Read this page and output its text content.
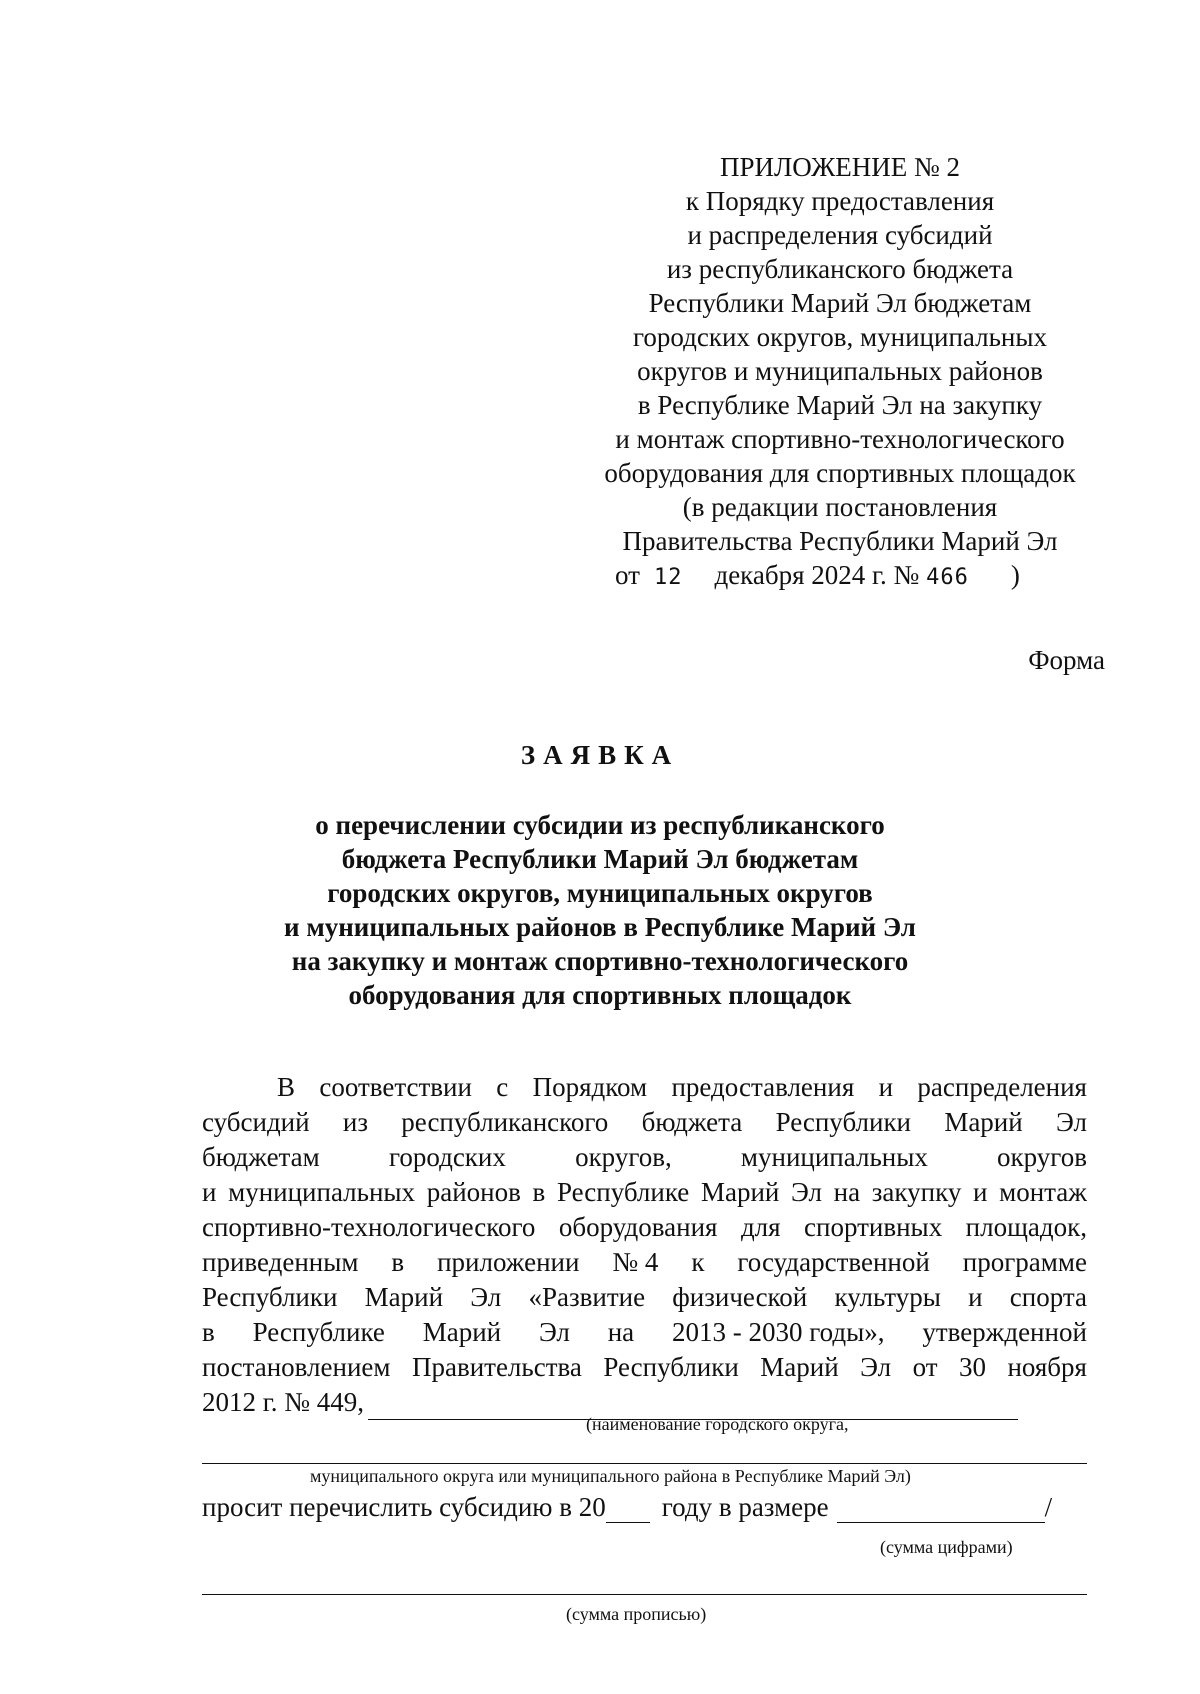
ПРИЛОЖЕНИЕ № 2
к Порядку предоставления
и распределения субсидий
из республиканского бюджета
Республики Марий Эл бюджетам
городских округов, муниципальных
округов и муниципальных районов
в Республике Марий Эл на закупку
и монтаж спортивно-технологического
оборудования для спортивных площадок
(в редакции постановления
Правительства Республики Марий Эл
от 12 декабря 2024 г. № 466 )
Форма
ЗАЯВКА
о перечислении субсидии из республиканского
бюджета Республики Марий Эл бюджетам
городских округов, муниципальных округов
и муниципальных районов в Республике Марий Эл
на закупку и монтаж спортивно-технологического
оборудования для спортивных площадок
В соответствии с Порядком предоставления и распределения
субсидий из республиканского бюджета Республики Марий Эл
бюджетам	городских	округов,	муниципальных	округов
и муниципальных районов в Республике Марий Эл на закупку и монтаж
спортивно-технологического оборудования для спортивных площадок,
приведенным в приложении № 4 к государственной программе
Республики Марий Эл «Развитие физической культуры и спорта
в Республике Марий Эл на 2013 - 2030 годы», утвержденной
постановлением Правительства Республики Марий Эл от 30 ноября
2012 г. № 449,
(наименование городского округа,
муниципального округа или муниципального района в Республике Марий Эл)
просит перечислить субсидию в 20 году в размере	/
(сумма цифрами)
(сумма прописью)
